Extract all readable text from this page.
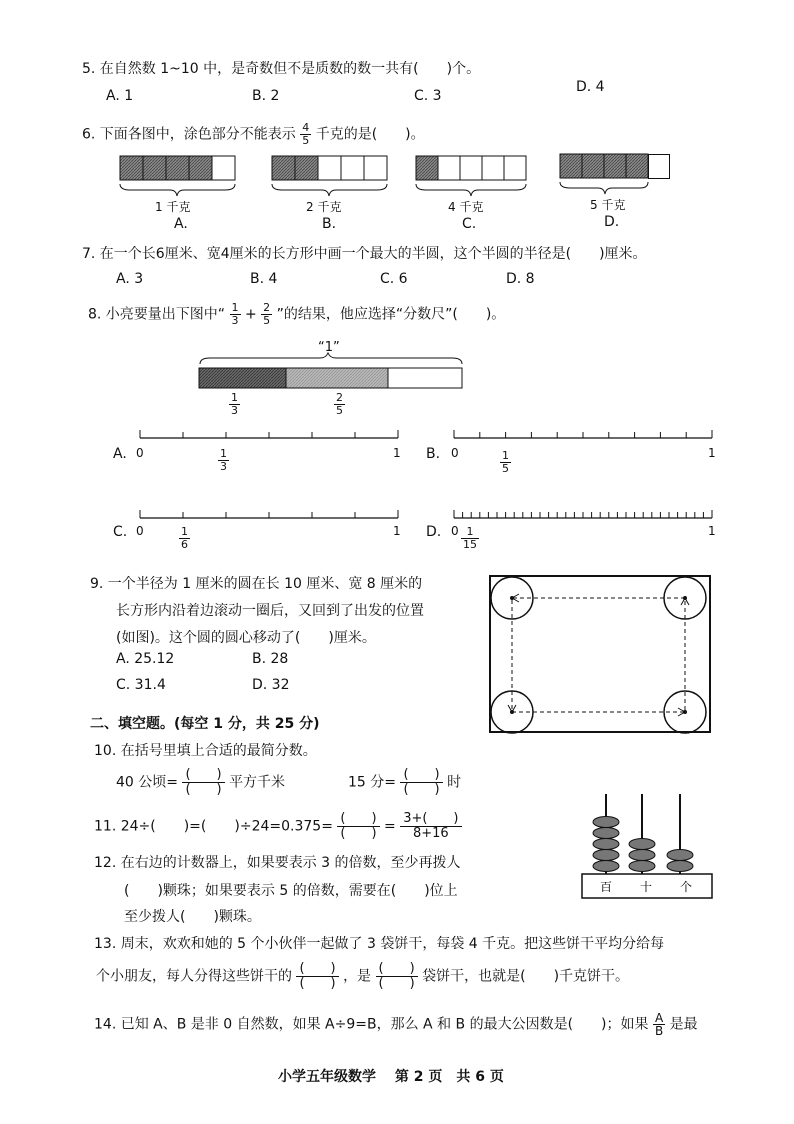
5. 在自然数 1~10 中，是奇数但不是质数的数一共有(　　)个。
A. 1	B. 2	C. 3
D. 4
6. 下面各图中，涂色部分不能表示 $\frac{4}{5}$ 千克的是(　　)。
1 千克
A.
2 千克
B.
4 千克
C.
5 千克
D.
7. 在一个长6厘米、宽4厘米的长方形中画一个最大的半圆，这个半圆的半径是(　　)厘米。
A. 3	B. 4	C. 6	D. 8
8. 小亮要量出下图中“ $\frac{1}{3} + \frac{2}{5}$ ”的结果，他应选择“分数尺”(　　)。
“1”
$\frac{1}{3}$	$\frac{2}{5}$
A. 0	1
$\frac{1}{3}$	B. 0	1
$\frac{1}{5}$
C. 0	1
$\frac{1}{6}$	D. 0	1
$\frac{1}{15}$
9. 一个半径为 1 厘米的圆在长 10 厘米、宽 8 厘米的
长方形内沿着边滚动一圈后，又回到了出发的位置
(如图)。这个圆的圆心移动了(　　)厘米。
A. 25.12	B. 28
C. 31.4	D. 32
二、填空题。(每空 1 分，共 25 分)
10. 在括号里填上合适的最简分数。
40 公顷= $\frac{( )}{( )}$ 平方千米	15 分= $\frac{( )}{( )}$ 时
11. 24÷(　　)=(　　)$\div 24=0.375= \frac{( )}{( )} = \frac{3+( )}{8+16}$
12. 在右边的计数器上，如果要表示 3 的倍数，至少再拨人
(　　)颗珠；如果要表示 5 的倍数，需要在(　　)位上
至少拨人(　　)颗珠。
百 十 个
13. 周末，欢欢和她的 5 个小伙伴一起做了 3 袋饼干，每袋 4 千克。把这些饼干平均分给每
个小朋友，每人分得这些饼干的 $\frac{( )}{( )}$ ，是 $\frac{( )}{( )}$ 袋饼干，也就是(　　)千克饼干。
14. 已知 A、B 是非 0 自然数，如果 A÷9=B，那么 A 和 B 的最大公因数是(　　)；如果 $\frac{A}{B}$ 是最
小学五年级数学　 第 2 页　共 6 页
